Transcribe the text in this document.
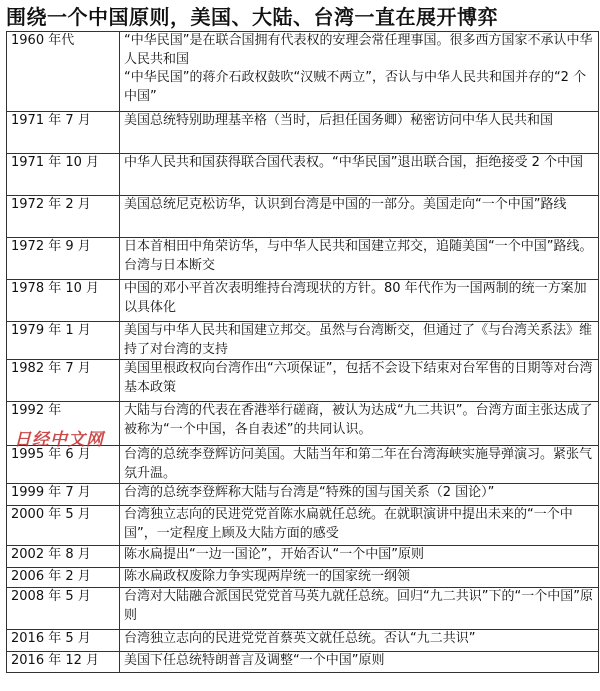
围绕一个中国原则，美国、大陆、台湾一直在展开博弈
1960 年代	“中华民国”是在联合国拥有代表权的安理会常任理事国。很多西方国家不承认中华人民共和国
“中华民国”的蒋介石政权鼓吹“汉贼不两立”，否认与中华人民共和国并存的“2 个中国”
1971 年 7 月	美国总统特别助理基辛格（当时，后担任国务卿）秘密访问中华人民共和国
1971 年 10 月	中华人民共和国获得联合国代表权。“中华民国”退出联合国，拒绝接受 2 个中国
1972 年 2 月	美国总统尼克松访华，认识到台湾是中国的一部分。美国走向“一个中国”路线
1972 年 9 月	日本首相田中角荣访华，与中华人民共和国建立邦交，追随美国“一个中国”路线。台湾与日本断交
1978 年 10 月	中国的邓小平首次表明维持台湾现状的方针。80 年代作为一国两制的统一方案加以具体化
1979 年 1 月	美国与中华人民共和国建立邦交。虽然与台湾断交，但通过了《与台湾关系法》维持了对台湾的支持
1982 年 7 月	美国里根政权向台湾作出“六项保证”，包括不会设下结束对台军售的日期等对台湾基本政策
1992 年	大陆与台湾的代表在香港举行磋商，被认为达成“九二共识”。台湾方面主张达成了被称为“一个中国，各自表述”的共同认识。
1995 年 6 月	台湾的总统李登辉访问美国。大陆当年和第二年在台湾海峡实施导弹演习。紧张气氛升温。
1999 年 7 月	台湾的总统李登辉称大陆与台湾是“特殊的国与国关系（2 国论）”
2000 年 5 月	台湾独立志向的民进党党首陈水扁就任总统。在就职演讲中提出未来的“一个中国”，一定程度上顾及大陆方面的感受
2002 年 8 月	陈水扁提出“一边一国论”，开始否认“一个中国”原则
2006 年 2 月	陈水扁政权废除力争实现两岸统一的国家统一纲领
2008 年 5 月	台湾对大陆融合派国民党党首马英九就任总统。回归“九二共识”下的“一个中国”原则
2016 年 5 月	台湾独立志向的民进党党首蔡英文就任总统。否认“九二共识”
2016 年 12 月	美国下任总统特朗普言及调整“一个中国”原则
日经中文网
